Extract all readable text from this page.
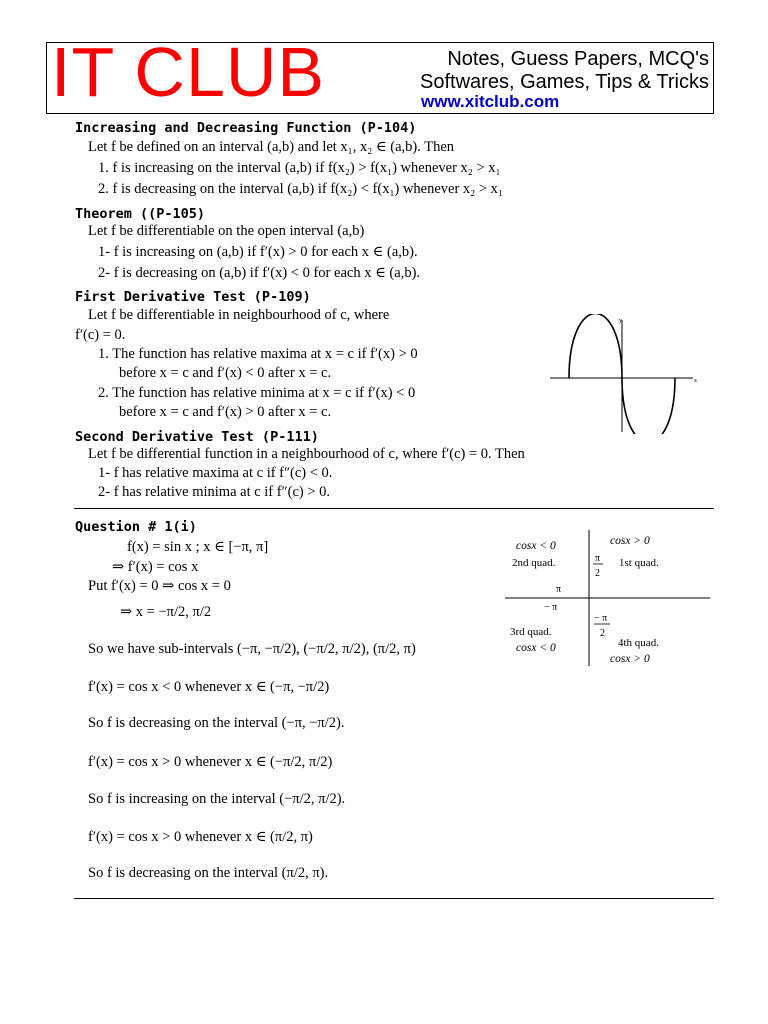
IT CLUB	Notes, Guess Papers, MCQ's
Softwares, Games, Tips & Tricks
www.xitclub.com
Increasing and Decreasing Function (P-104)
Let f be defined on an interval (a,b) and let x₁, x₂ ∈ (a,b). Then
1. f is increasing on the interval (a,b) if f(x₂) > f(x₁) whenever x₂ > x₁
2. f is decreasing on the interval (a,b) if f(x₂) < f(x₁) whenever x₂ > x₁
Theorem ((P-105)
Let f be differentiable on the open interval (a,b)
1- f is increasing on (a,b) if f′(x) > 0 for each x ∈ (a,b).
2- f is decreasing on (a,b) if f′(x) < 0 for each x ∈ (a,b).
First Derivative Test (P-109)
Let f be differentiable in neighbourhood of c, where
f′(c) = 0.
1. The function has relative maxima at x = c if f′(x) > 0
before x = c and f′(x) < 0 after x = c.
2. The function has relative minima at x = c if f′(x) < 0
before x = c and f′(x) > 0 after x = c.
y
x
Second Derivative Test (P-111)
Let f be differential function in a neighbourhood of c, where f′(c) = 0. Then
1- f has relative maxima at c if f″(c) < 0.
2- f has relative minima at c if f″(c) > 0.
Question # 1(i)
f(x) = sin x ; x ∈ [−π, π]
⇒ f′(x) = cos x
Put f′(x) = 0 ⇒ cos x = 0
⇒ x = −π/2, π/2
So we have sub-intervals (−π, −π/2), (−π/2, π/2), (π/2, π)
f′(x) = cos x < 0 whenever x ∈ (−π, −π/2)
So f is decreasing on the interval (−π, −π/2).
f′(x) = cos x > 0 whenever x ∈ (−π/2, π/2)
So f is increasing on the interval (−π/2, π/2).
f′(x) = cos x > 0 whenever x ∈ (π/2, π)
So f is decreasing on the interval (π/2, π).
cosx > 0
cosx < 0
cosx < 0
cosx > 0
2nd quad.	1st quad.
3rd quad.
4th quad.
π
2
π
− π
− π
2
